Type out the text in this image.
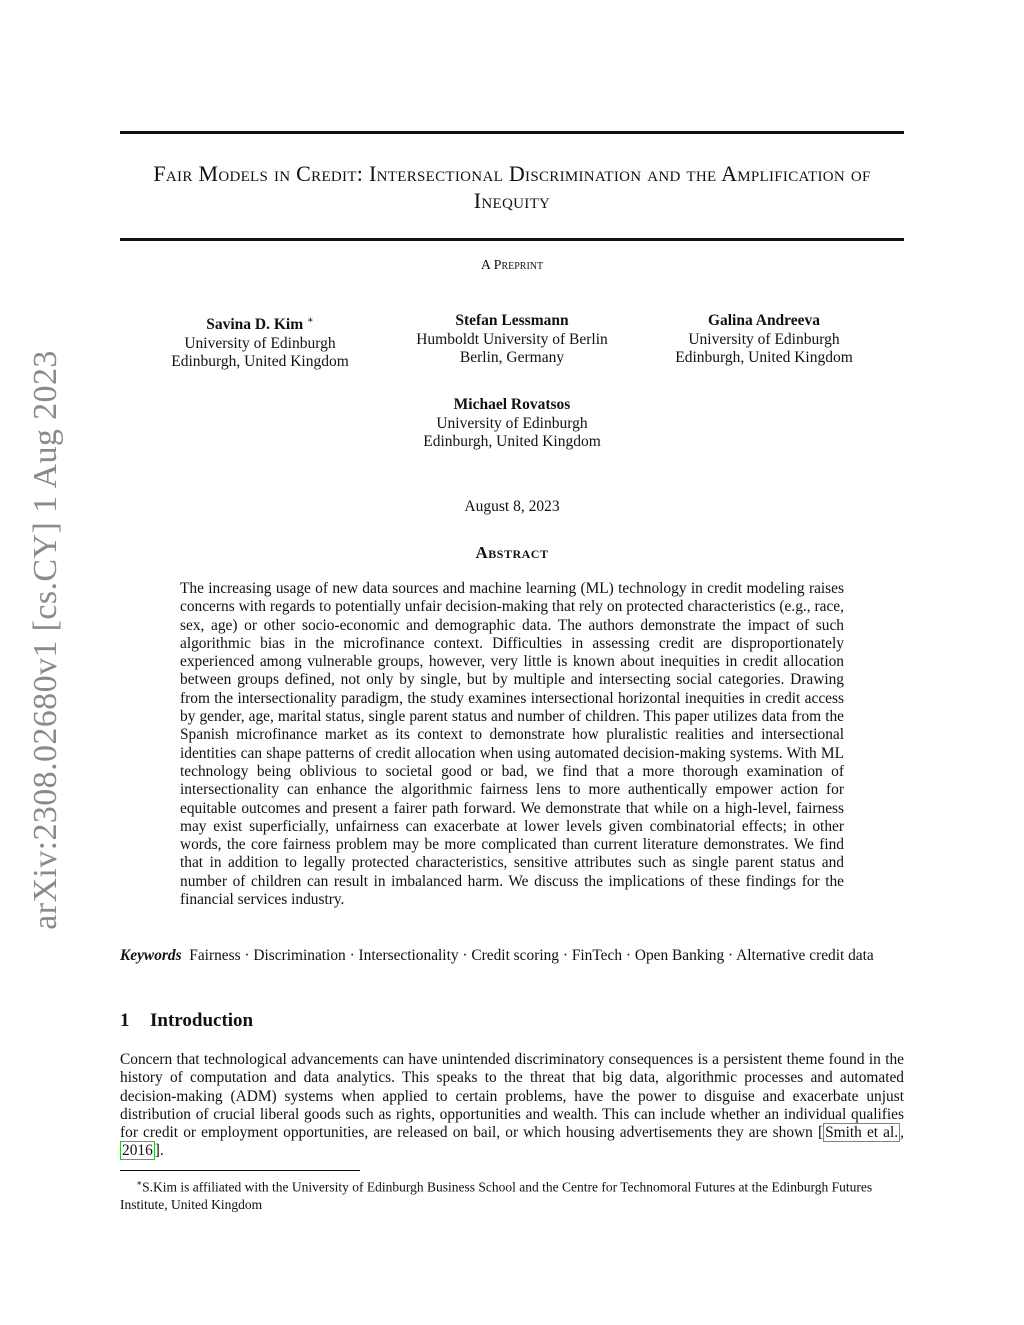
arXiv:2308.02680v1 [cs.CY] 1 Aug 2023
Fair Models in Credit: Intersectional Discrimination and the Amplification of Inequity
A Preprint
Savina D. Kim ∗
University of Edinburgh
Edinburgh, United Kingdom
Stefan Lessmann
Humboldt University of Berlin
Berlin, Germany
Galina Andreeva
University of Edinburgh
Edinburgh, United Kingdom
Michael Rovatsos
University of Edinburgh
Edinburgh, United Kingdom
August 8, 2023
Abstract

The increasing usage of new data sources and machine learning (ML) technology in credit modeling raises concerns with regards to potentially unfair decision-making that rely on protected characteristics (e.g., race, sex, age) or other socio-economic and demographic data. The authors demonstrate the impact of such algorithmic bias in the microfinance context. Difficulties in assessing credit are disproportionately experienced among vulnerable groups, however, very little is known about inequities in credit allocation between groups defined, not only by single, but by multiple and intersecting social categories. Drawing from the intersectionality paradigm, the study examines intersectional horizontal inequities in credit access by gender, age, marital status, single parent status and number of children. This paper utilizes data from the Spanish microfinance market as its context to demonstrate how pluralistic realities and intersectional identities can shape patterns of credit allocation when using automated decision-making systems. With ML technology being oblivious to societal good or bad, we find that a more thorough examination of intersectionality can enhance the algorithmic fairness lens to more authentically empower action for equitable outcomes and present a fairer path forward. We demonstrate that while on a high-level, fairness may exist superficially, unfairness can exacerbate at lower levels given combinatorial effects; in other words, the core fairness problem may be more complicated than current literature demonstrates. We find that in addition to legally protected characteristics, sensitive attributes such as single parent status and number of children can result in imbalanced harm. We discuss the implications of these findings for the financial services industry.

Keywords Fairness · Discrimination · Intersectionality · Credit scoring · FinTech · Open Banking · Alternative credit data

1 Introduction

Concern that technological advancements can have unintended discriminatory consequences is a persistent theme found in the history of computation and data analytics. This speaks to the threat that big data, algorithmic processes and automated decision-making (ADM) systems when applied to certain problems, have the power to disguise and exacerbate unjust distribution of crucial liberal goods such as rights, opportunities and wealth. This can include whether an individual qualifies for credit or employment opportunities, are released on bail, or which housing advertisements they are shown [ Smith et al. , 2016 ].

∗S.Kim is affiliated with the University of Edinburgh Business School and the Centre for Technomoral Futures at the Edinburgh Futures Institute, United Kingdom
